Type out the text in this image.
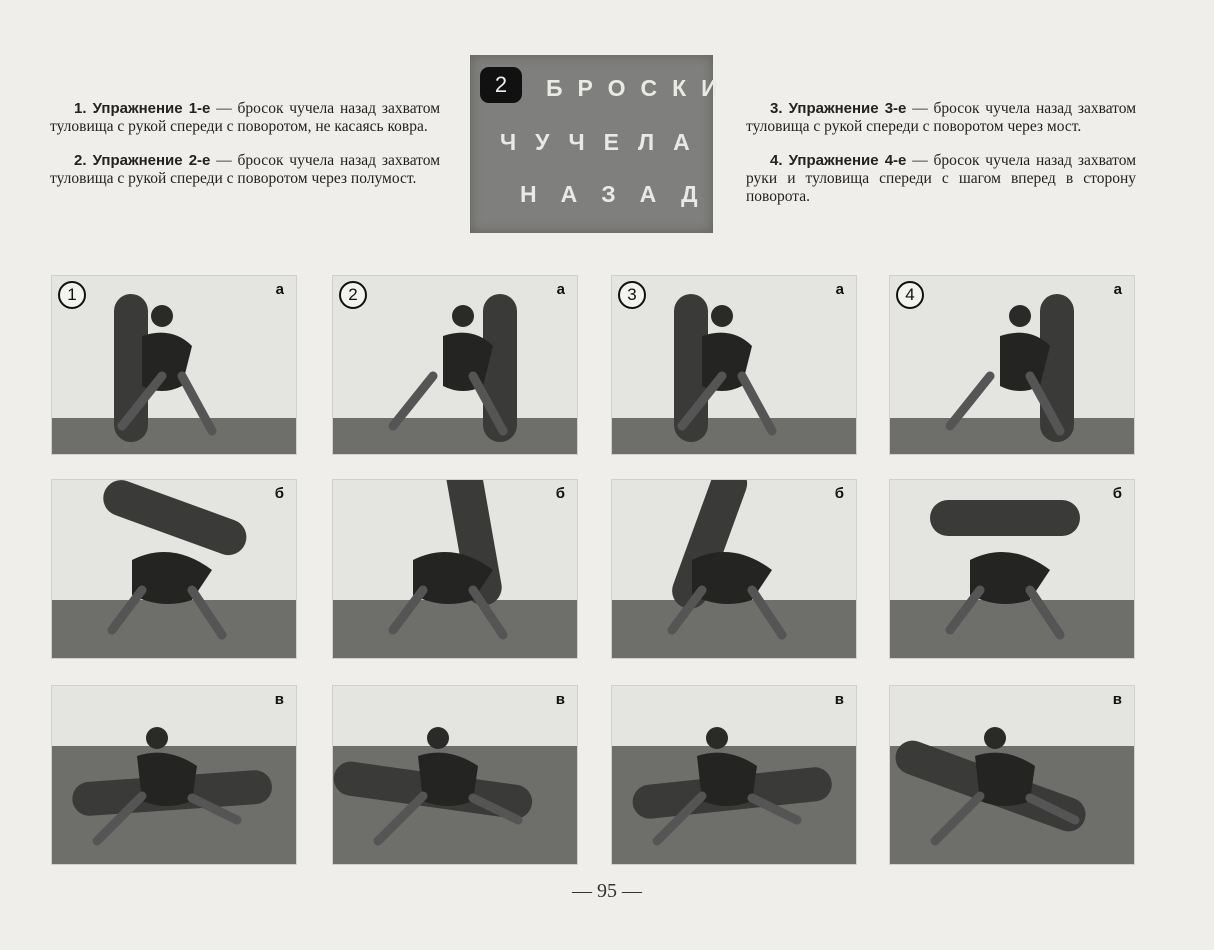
1. Упражнение 1-е — бросок чучела назад захватом туловища с рукой спереди с поворотом, не касаясь ковра.

2. Упражнение 2-е — бросок чучела назад захватом туловища с рукой спереди с поворотом через полумост.

2	БРОСКИ
ЧУЧЕЛА
НАЗАД

3. Упражнение 3-е — бросок чучела назад захватом туловища с рукой спереди с поворотом через мост.

4. Упражнение 4-е — бросок чучела назад захватом руки и туловища спереди с шагом вперед в сторону поворота.

1	а	2	а	3	а	4	а
б	б	б	б
в	в	в	в
— 95 —
